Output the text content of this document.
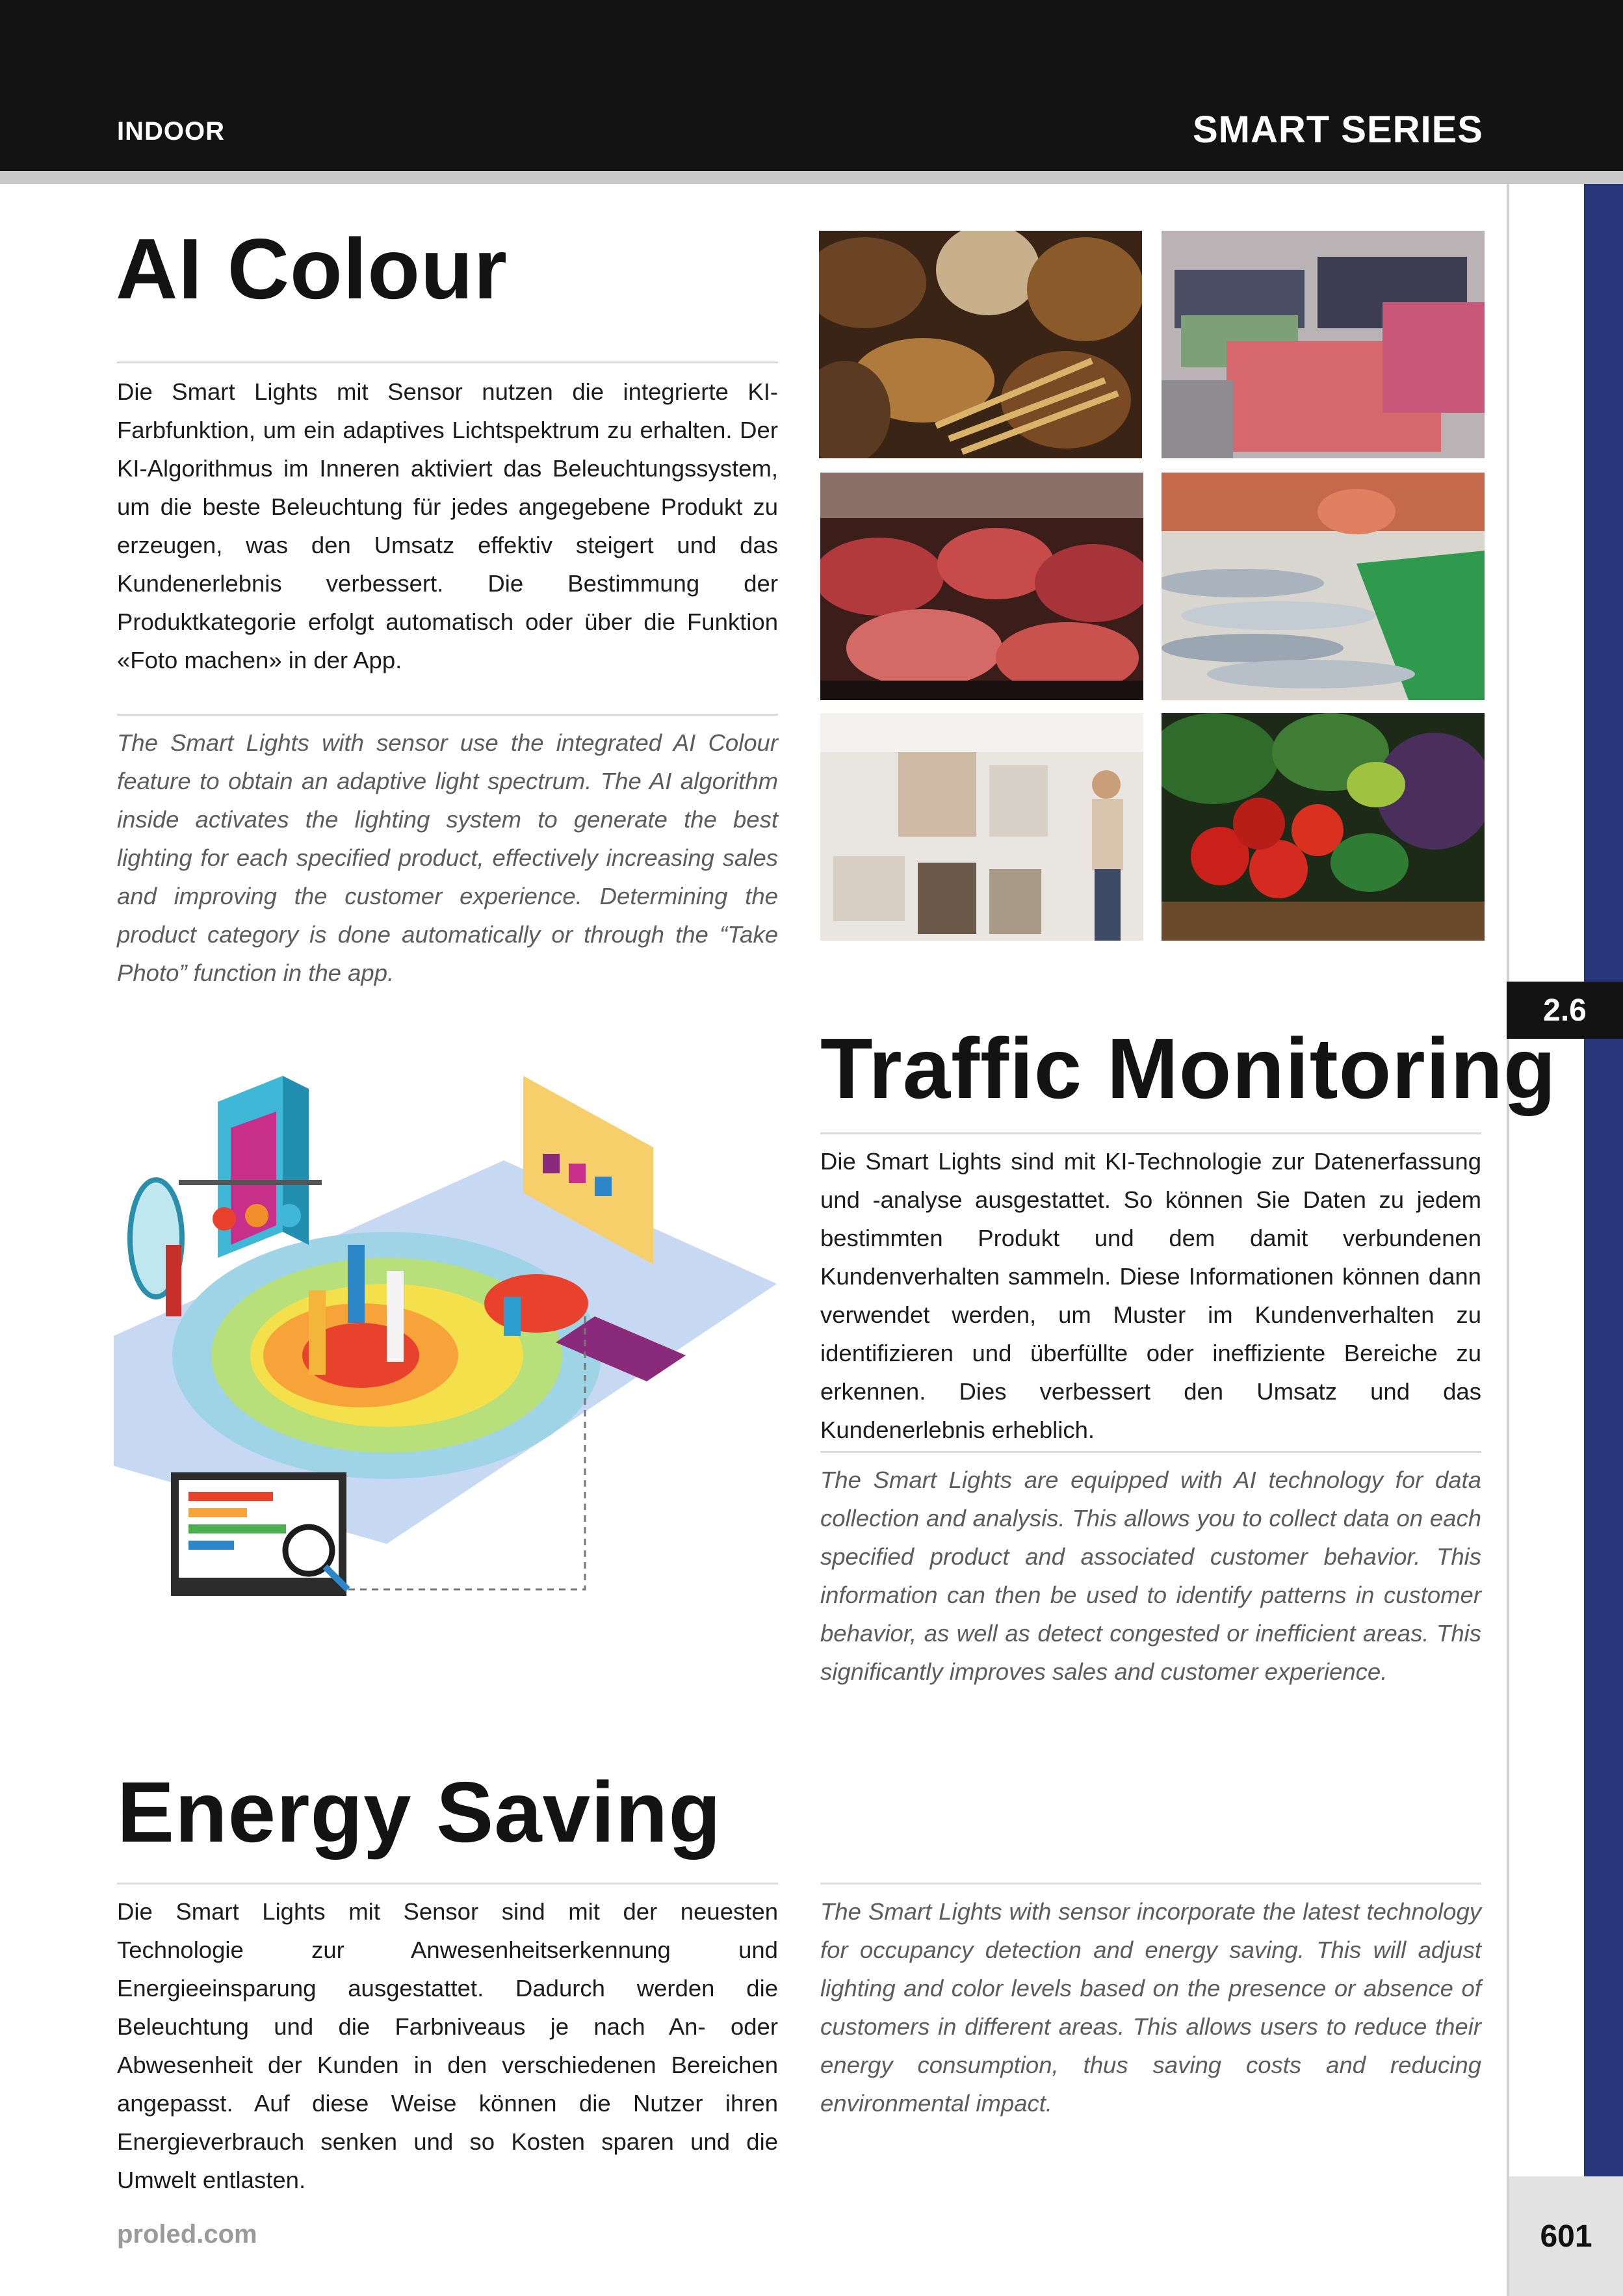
INDOOR	SMART SERIES
2.6
601
AI Colour
Die Smart Lights mit Sensor nutzen die integrierte KI-Farbfunktion, um ein adaptives Lichtspektrum zu erhalten. Der KI-Algorithmus im Inneren aktiviert das Beleuchtungssystem, um die beste Beleuchtung für jedes angegebene Produkt zu erzeugen, was den Umsatz effektiv steigert und das Kundenerlebnis verbessert. Die Bestimmung der Produktkategorie erfolgt automatisch oder über die Funktion «Foto machen» in der App.
The Smart Lights with sensor use the integrated AI Colour feature to obtain an adaptive light spectrum. The AI algorithm inside activates the lighting system to generate the best lighting for each specified product, effectively increasing sales and improving the customer experience. Determining the product category is done automatically or through the “Take Photo” function in the app.
Traffic Monitoring
Die Smart Lights sind mit KI-Technologie zur Datenerfassung und -analyse ausgestattet. So können Sie Daten zu jedem bestimmten Produkt und dem damit verbundenen Kundenverhalten sammeln. Diese Informationen können dann verwendet werden, um Muster im Kundenverhalten zu identifizieren und überfüllte oder ineffiziente Bereiche zu erkennen. Dies verbessert den Umsatz und das Kundenerlebnis erheblich.
The Smart Lights are equipped with AI technology for data collection and analysis. This allows you to collect data on each specified product and associated customer behavior. This information can then be used to identify patterns in customer behavior, as well as detect congested or inefficient areas. This significantly improves sales and customer experience.
Energy Saving
Die Smart Lights mit Sensor sind mit der neuesten Technologie zur Anwesenheitserkennung und Energieeinsparung ausgestattet. Dadurch werden die Beleuchtung und die Farbniveaus je nach An- oder Abwesenheit der Kunden in den verschiedenen Bereichen angepasst. Auf diese Weise können die Nutzer ihren Energieverbrauch senken und so Kosten sparen und die Umwelt entlasten.
The Smart Lights with sensor incorporate the latest technology for occupancy detection and energy saving. This will adjust lighting and color levels based on the presence or absence of customers in different areas. This allows users to reduce their energy consumption, thus saving costs and reducing environmental impact.
proled.com
